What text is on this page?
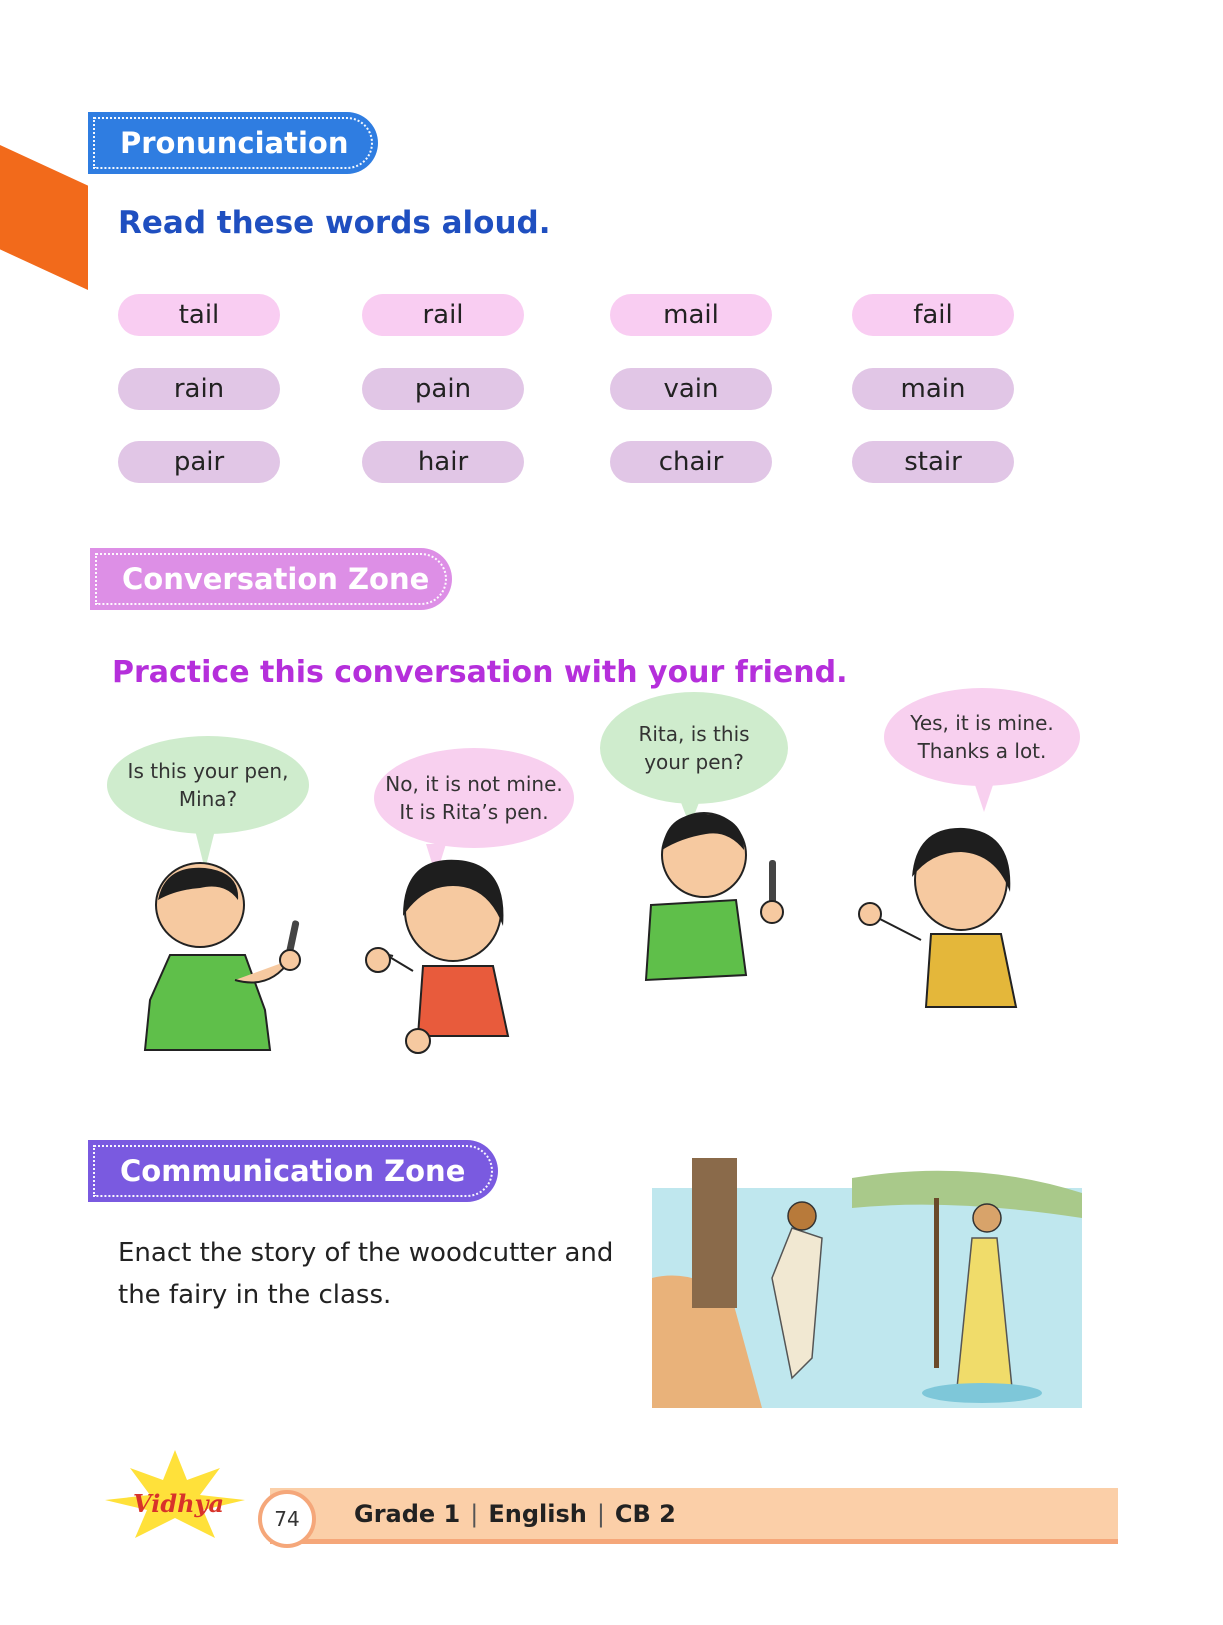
Pronunciation
Read these words aloud.
tail	rail	mail	fail
rain	pain	vain	main
pair	hair	chair	stair
Conversation Zone
Practice this conversation with your friend.
Is this your pen,
Mina?
No, it is not mine.
It is Rita’s pen.
Rita, is this
your pen?
Yes, it is mine.
Thanks a lot.
Communication Zone
Enact the story of the woodcutter and
the fairy in the class.
Vidhya
74	Grade 1 | English | CB 2
